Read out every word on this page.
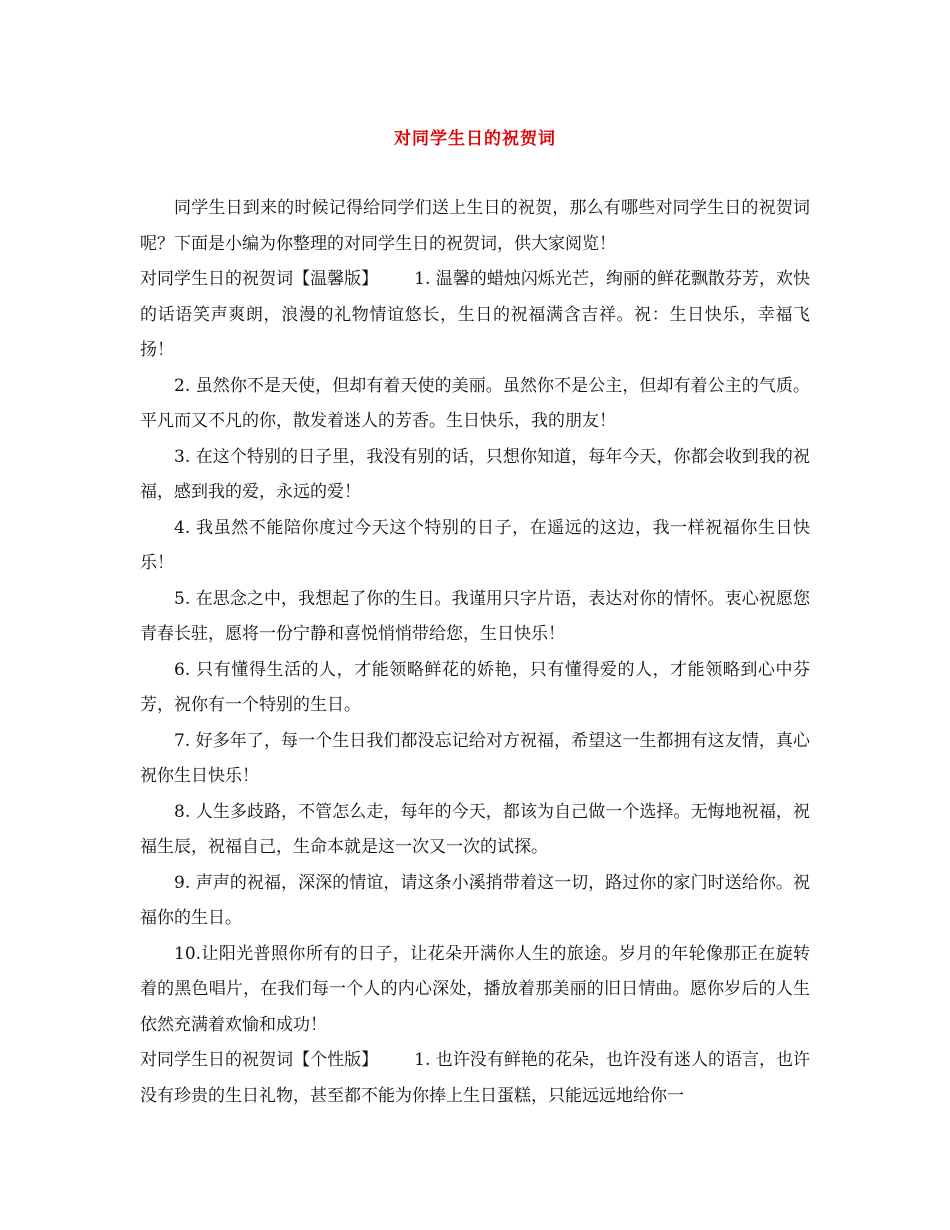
对同学生日的祝贺词

同学生日到来的时候记得给同学们送上生日的祝贺，那么有哪些对同学生日的祝贺词呢？下面是小编为你整理的对同学生日的祝贺词，供大家阅览！

对同学生日的祝贺词【温馨版】 1. 温馨的蜡烛闪烁光芒，绚丽的鲜花飘散芬芳，欢快的话语笑声爽朗，浪漫的礼物情谊悠长，生日的祝福满含吉祥。祝：生日快乐，幸福飞扬！

2. 虽然你不是天使，但却有着天使的美丽。虽然你不是公主，但却有着公主的气质。平凡而又不凡的你，散发着迷人的芳香。生日快乐，我的朋友！

3. 在这个特别的日子里，我没有别的话，只想你知道，每年今天，你都会收到我的祝福，感到我的爱，永远的爱！

4. 我虽然不能陪你度过今天这个特别的日子，在遥远的这边，我一样祝福你生日快乐！

5. 在思念之中，我想起了你的生日。我谨用只字片语，表达对你的情怀。衷心祝愿您青春长驻，愿将一份宁静和喜悦悄悄带给您，生日快乐！

6. 只有懂得生活的人，才能领略鲜花的娇艳，只有懂得爱的人，才能领略到心中芬芳，祝你有一个特别的生日。

7. 好多年了，每一个生日我们都没忘记给对方祝福，希望这一生都拥有这友情，真心祝你生日快乐！

8. 人生多歧路，不管怎么走，每年的今天，都该为自己做一个选择。无悔地祝福，祝福生辰，祝福自己，生命本就是这一次又一次的试探。

9. 声声的祝福，深深的情谊，请这条小溪捎带着这一切，路过你的家门时送给你。祝福你的生日。

10.让阳光普照你所有的日子，让花朵开满你人生的旅途。岁月的年轮像那正在旋转着的黑色唱片，在我们每一个人的内心深处，播放着那美丽的旧日情曲。愿你岁后的人生依然充满着欢愉和成功！

对同学生日的祝贺词【个性版】 1. 也许没有鲜艳的花朵，也许没有迷人的语言，也许没有珍贵的生日礼物，甚至都不能为你捧上生日蛋糕，只能远远地给你一
